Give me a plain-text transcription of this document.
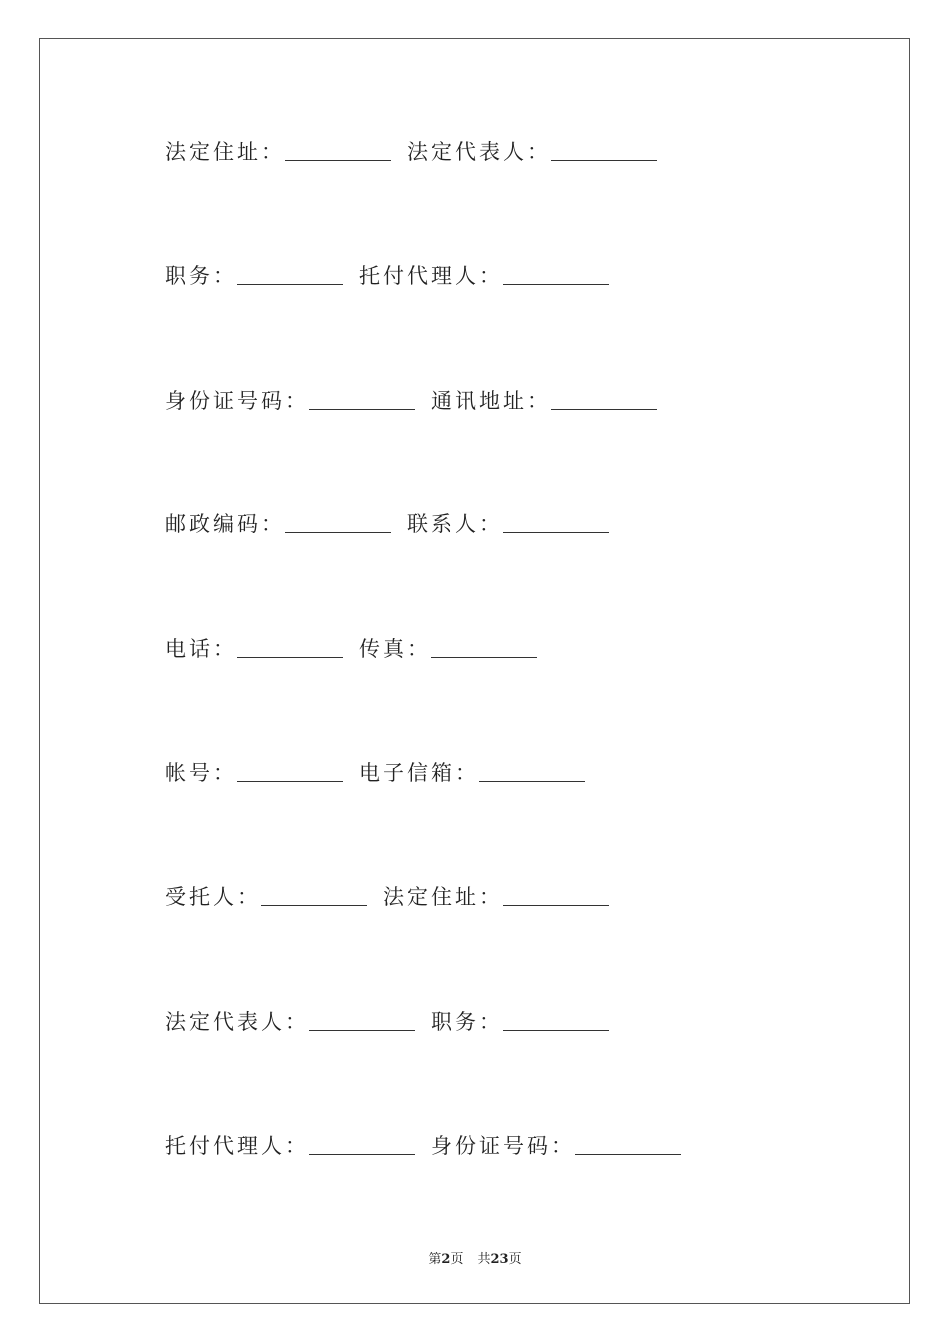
法定住址：	法定代表人：
职务：	托付代理人：
身份证号码：	通讯地址：
邮政编码：	联系人：
电话：	传真：
帐号：	电子信箱：
受托人：	法定住址：
法定代表人：	职务：
托付代理人：	身份证号码：
第2页 共23页
